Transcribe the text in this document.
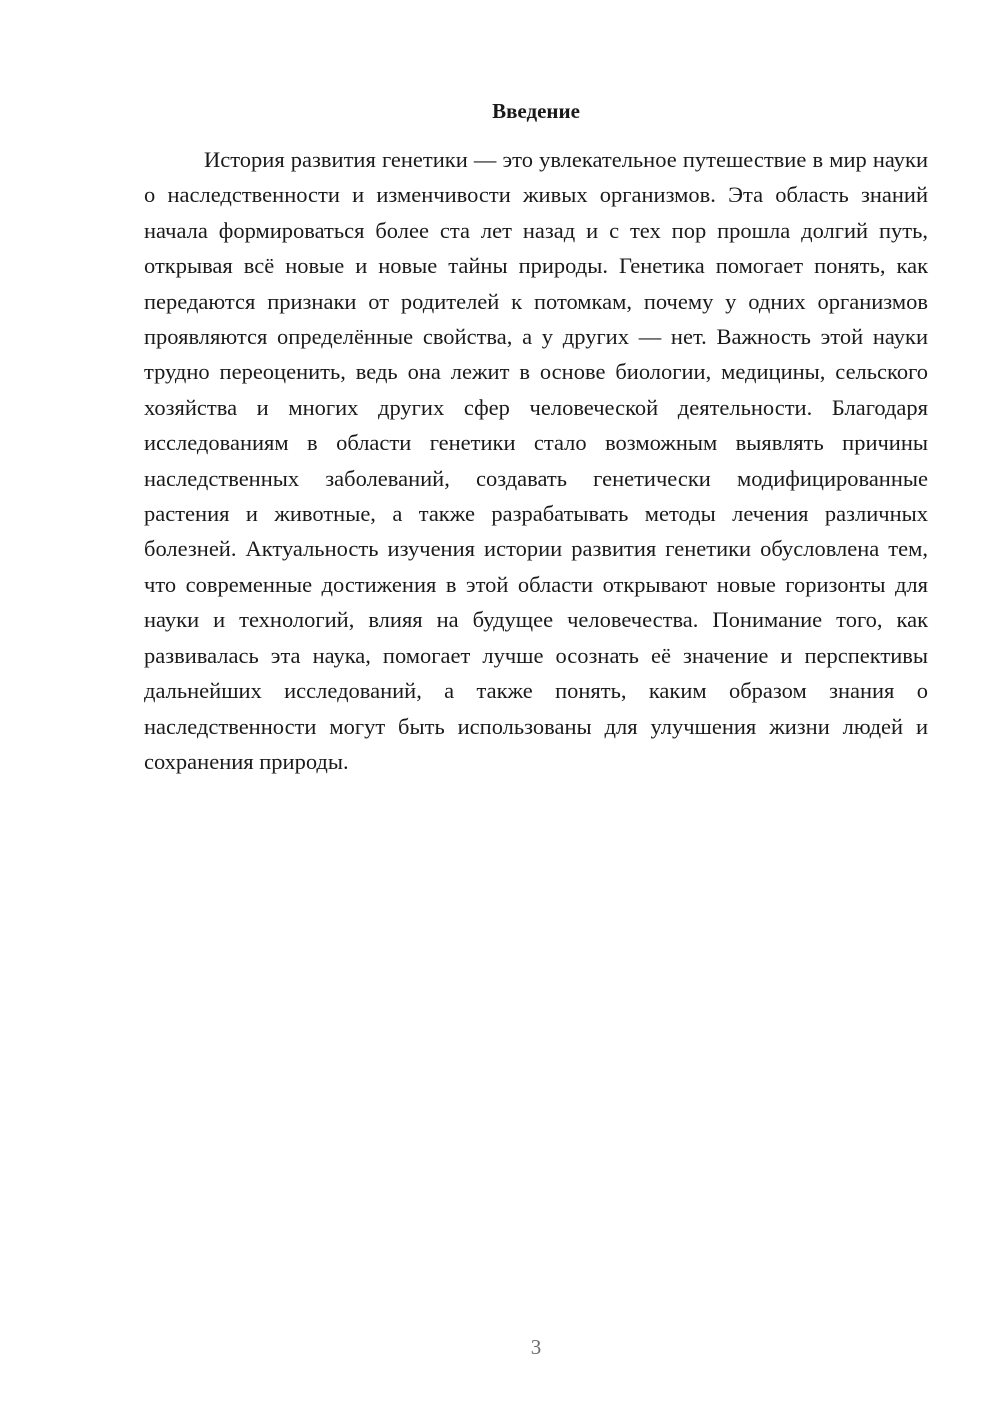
Введение

История развития генетики — это увлекательное путешествие в мир науки о наследственности и изменчивости живых организмов. Эта область знаний начала формироваться более ста лет назад и с тех пор прошла долгий путь, открывая всё новые и новые тайны природы. Генетика помогает понять, как передаются признаки от родителей к потомкам, почему у одних организмов проявляются определённые свойства, а у других — нет. Важность этой науки трудно переоценить, ведь она лежит в основе биологии, медицины, сельского хозяйства и многих других сфер человеческой деятельности. Благодаря исследованиям в области генетики стало возможным выявлять причины наследственных заболеваний, создавать генетически модифицированные растения и животные, а также разрабатывать методы лечения различных болезней. Актуальность изучения истории развития генетики обусловлена тем, что современные достижения в этой области открывают новые горизонты для науки и технологий, влияя на будущее человечества. Понимание того, как развивалась эта наука, помогает лучше осознать её значение и перспективы дальнейших исследований, а также понять, каким образом знания о наследственности могут быть использованы для улучшения жизни людей и сохранения природы.

3
